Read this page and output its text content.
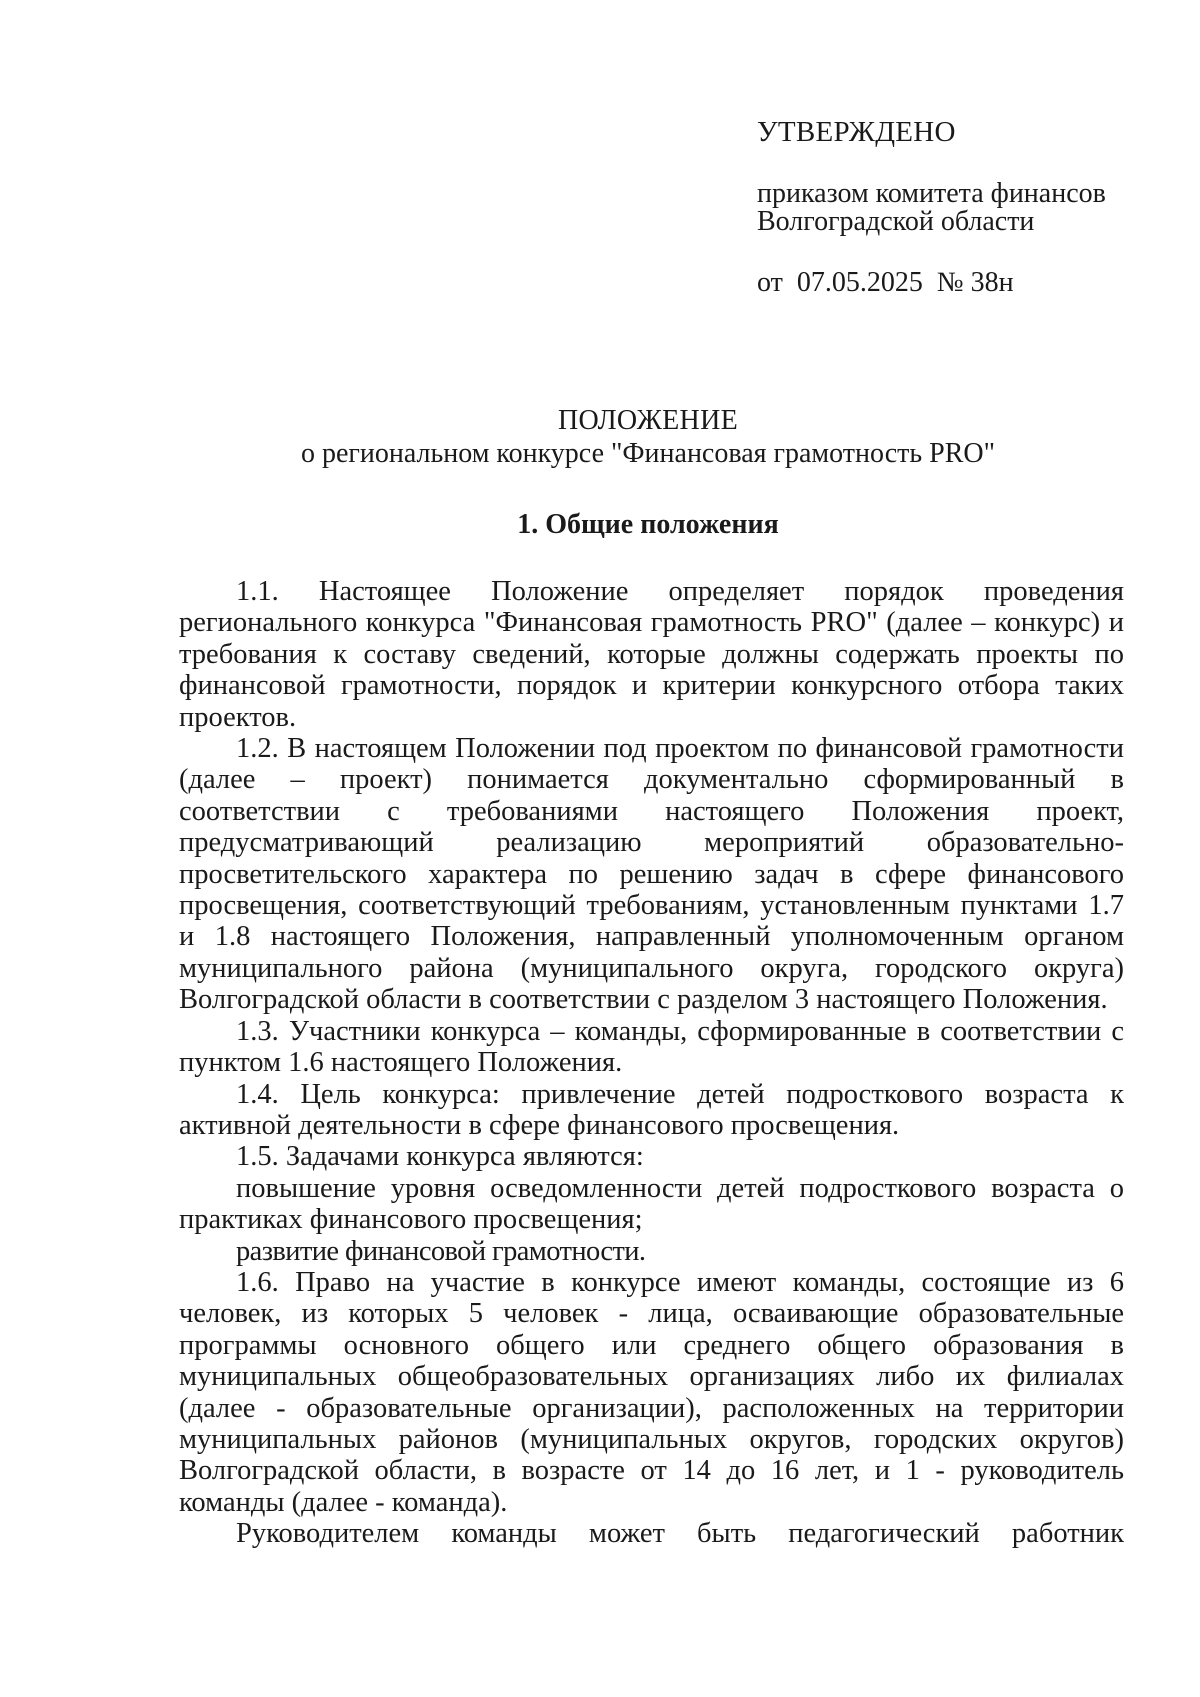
УТВЕРЖДЕНО
приказом комитета финансов
Волгоградской области
от  07.05.2025  № 38н
ПОЛОЖЕНИЕ
о региональном конкурсе "Финансовая грамотность PRO"
1. Общие положения

1.1. Настоящее Положение определяет порядок проведения регионального конкурса "Финансовая грамотность PRO" (далее – конкурс) и требования к составу сведений, которые должны содержать проекты по финансовой грамотности, порядок и критерии конкурсного отбора таких проектов.

1.2. В настоящем Положении под проектом по финансовой грамотности (далее – проект) понимается документально сформированный в соответствии с требованиями настоящего Положения проект, предусматривающий реализацию мероприятий образовательно-просветительского характера по решению задач в сфере финансового просвещения, соответствующий требованиям, установленным пунктами 1.7 и 1.8 настоящего Положения, направленный уполномоченным органом муниципального района (муниципального округа, городского округа) Волгоградской области в соответствии с разделом 3 настоящего Положения.

1.3. Участники конкурса – команды, сформированные в соответствии с пунктом 1.6 настоящего Положения.

1.4. Цель конкурса: привлечение детей подросткового возраста к активной деятельности в сфере финансового просвещения.

1.5. Задачами конкурса являются:

повышение уровня осведомленности детей подросткового возраста о практиках финансового просвещения;

развитие финансовой грамотности.

1.6. Право на участие в конкурсе имеют команды, состоящие из 6 человек, из которых 5 человек - лица, осваивающие образовательные программы основного общего или среднего общего образования в муниципальных общеобразовательных организациях либо их филиалах (далее - образовательные организации), расположенных на территории муниципальных районов (муниципальных округов, городских округов) Волгоградской области, в возрасте от 14 до 16 лет, и 1 - руководитель команды (далее - команда).

Руководителем команды может быть педагогический работник
